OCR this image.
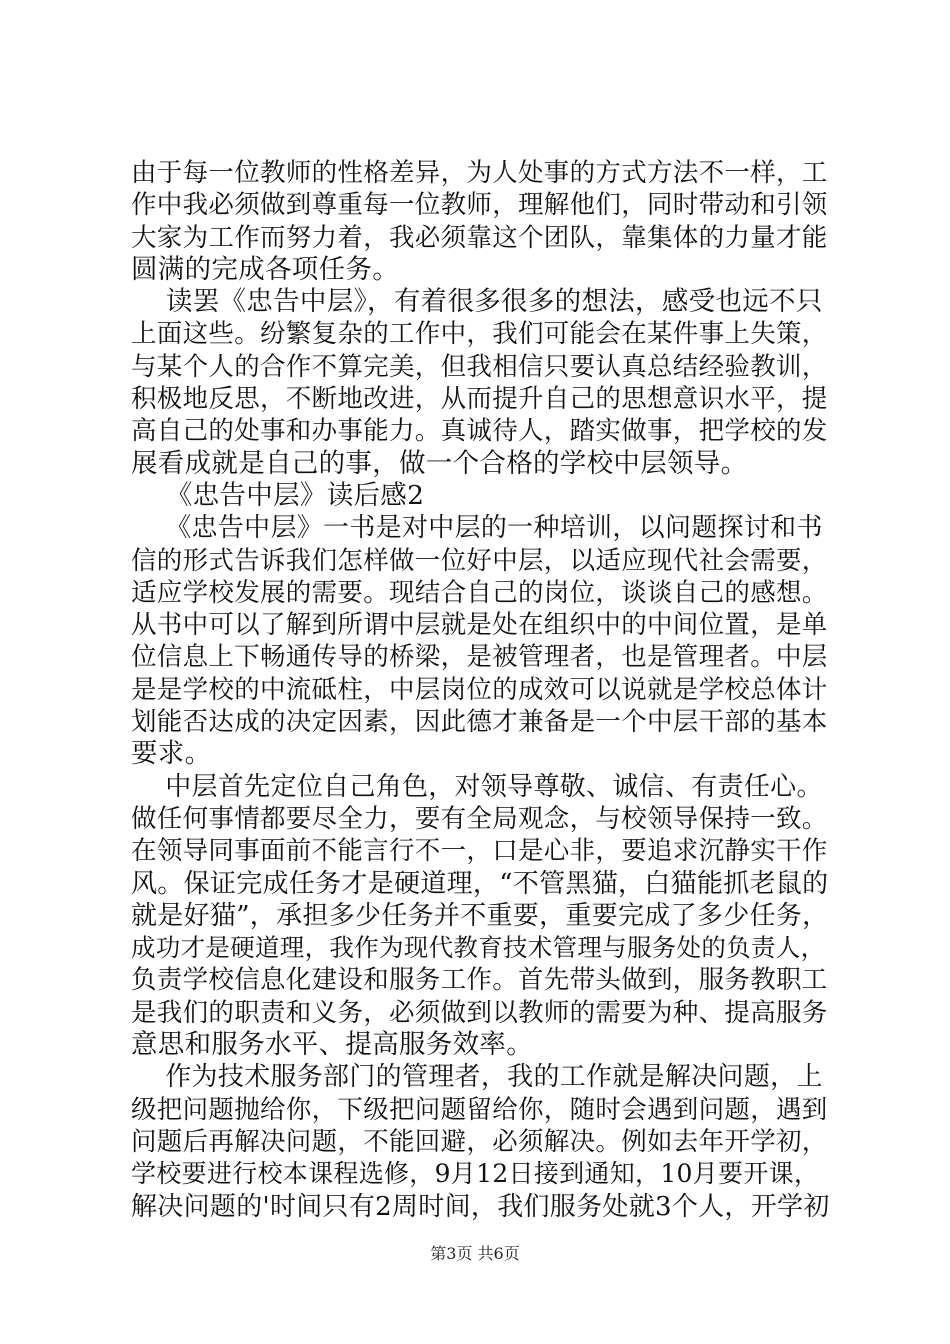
由于每一位教师的性格差异，为人处事的方式方法不一样，工
作中我必须做到尊重每一位教师，理解他们，同时带动和引领
大家为工作而努力着，我必须靠这个团队，靠集体的力量才能
圆满的完成各项任务。
读罢《忠告中层》，有着很多很多的想法，感受也远不只
上面这些。纷繁复杂的工作中，我们可能会在某件事上失策，
与某个人的合作不算完美，但我相信只要认真总结经验教训，
积极地反思，不断地改进，从而提升自己的思想意识水平，提
高自己的处事和办事能力。真诚待人，踏实做事，把学校的发
展看成就是自己的事，做一个合格的学校中层领导。
《忠告中层》读后感2
《忠告中层》一书是对中层的一种培训，以问题探讨和书
信的形式告诉我们怎样做一位好中层，以适应现代社会需要，
适应学校发展的需要。现结合自己的岗位，谈谈自己的感想。
从书中可以了解到所谓中层就是处在组织中的中间位置，是单
位信息上下畅通传导的桥梁，是被管理者，也是管理者。中层
是是学校的中流砥柱，中层岗位的成效可以说就是学校总体计
划能否达成的决定因素，因此德才兼备是一个中层干部的基本
要求。
中层首先定位自己角色，对领导尊敬、诚信、有责任心。
做任何事情都要尽全力，要有全局观念，与校领导保持一致。
在领导同事面前不能言行不一，口是心非，要追求沉静实干作
风。保证完成任务才是硬道理，“不管黑猫，白猫能抓老鼠的
就是好猫”，承担多少任务并不重要，重要完成了多少任务，
成功才是硬道理，我作为现代教育技术管理与服务处的负责人，
负责学校信息化建设和服务工作。首先带头做到，服务教职工
是我们的职责和义务，必须做到以教师的需要为种、提高服务
意思和服务水平、提高服务效率。
作为技术服务部门的管理者，我的工作就是解决问题，上
级把问题抛给你，下级把问题留给你，随时会遇到问题，遇到
问题后再解决问题，不能回避，必须解决。例如去年开学初，
学校要进行校本课程选修，9月12日接到通知，10月要开课，
解决问题的'时间只有2周时间，我们服务处就3个人，开学初
第3页 共6页
